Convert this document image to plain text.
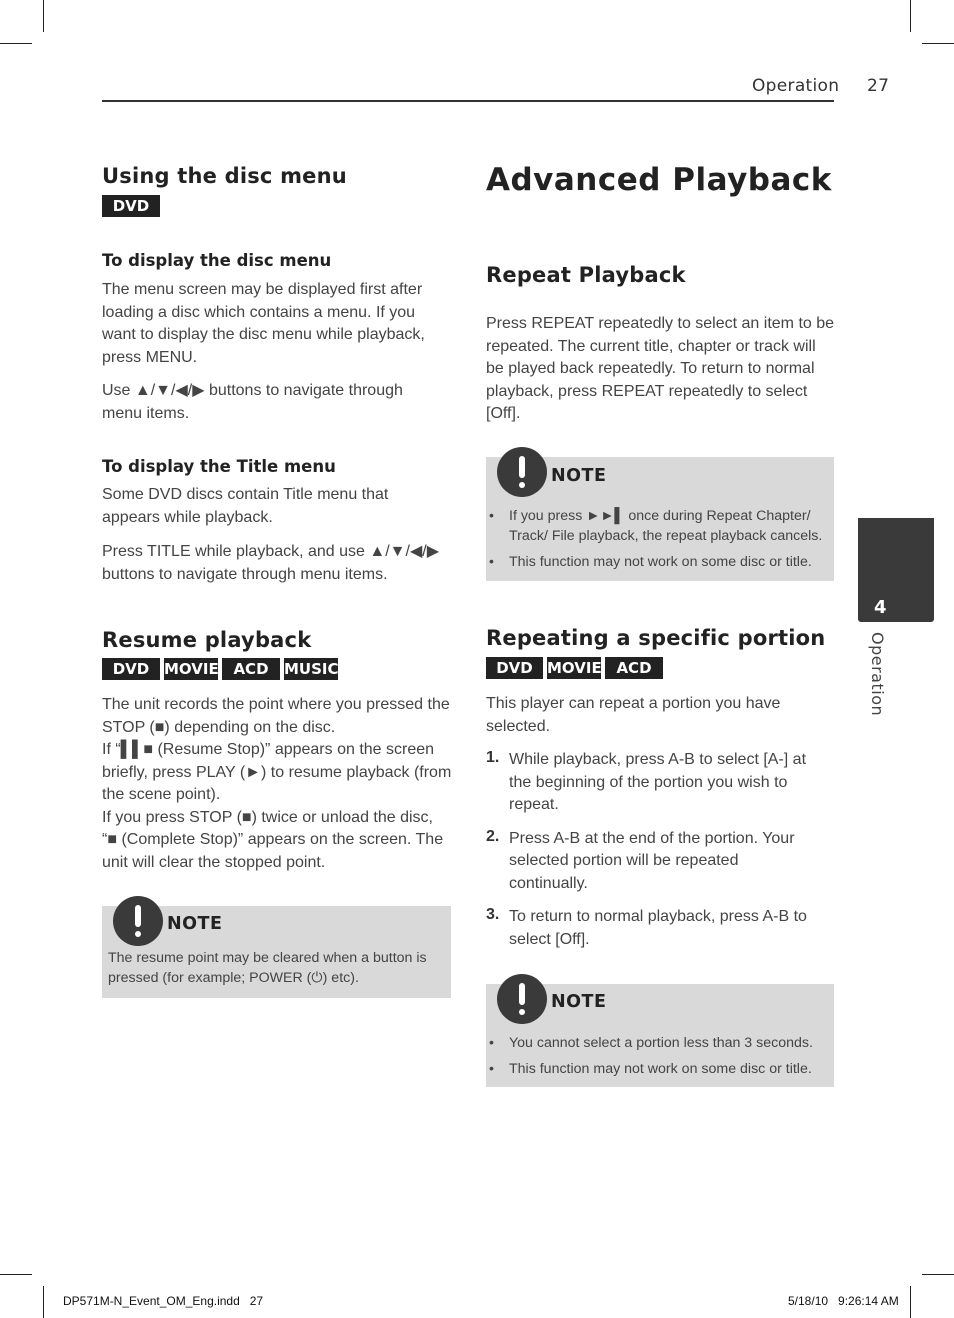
Operation 27
Using the disc menu
DVD
To display the disc menu

The menu screen may be displayed first after loading a disc which contains a menu. If you want to display the disc menu while playback, press MENU.

Use ▲/▼/◀/▶ buttons to navigate through menu items.

To display the Title menu

Some DVD discs contain Title menu that appears while playback.

Press TITLE while playback, and use ▲/▼/◀/▶ buttons to navigate through menu items.

Resume playback
DVD MOVIE ACD	MUSIC

The unit records the point where you pressed the STOP (■) depending on the disc.

If “▌▌■ (Resume Stop)” appears on the screen briefly, press PLAY (►) to resume playback (from the scene point).

If you press STOP (■) twice or unload the disc, “■ (Complete Stop)” appears on the screen. The unit will clear the stopped point.

NOTE
The resume point may be cleared when a button is pressed (for example; POWER (⏻) etc).
Advanced Playback
Repeat Playback

Press REPEAT repeatedly to select an item to be repeated. The current title, chapter or track will be played back repeatedly. To return to normal playback, press REPEAT repeatedly to select [Off].

NOTE
•	If you press ►►▌ once during Repeat Chapter/ Track/ File playback, the repeat playback cancels.
•	This function may not work on some disc or title.
Repeating a specific portion
DVD MOVIE ACD

This player can repeat a portion you have selected.

1. While playback, press A-B to select [A-] at the beginning of the portion you wish to repeat.
2. Press A-B at the end of the portion. Your selected portion will be repeated continually.
3. To return to normal playback, press A-B to select [Off].
NOTE
•	You cannot select a portion less than 3 seconds.
•	This function may not work on some disc or title.
4
Operation
DP571M-N_Event_OM_Eng.indd   27	5/18/10   9:26:14 AM
